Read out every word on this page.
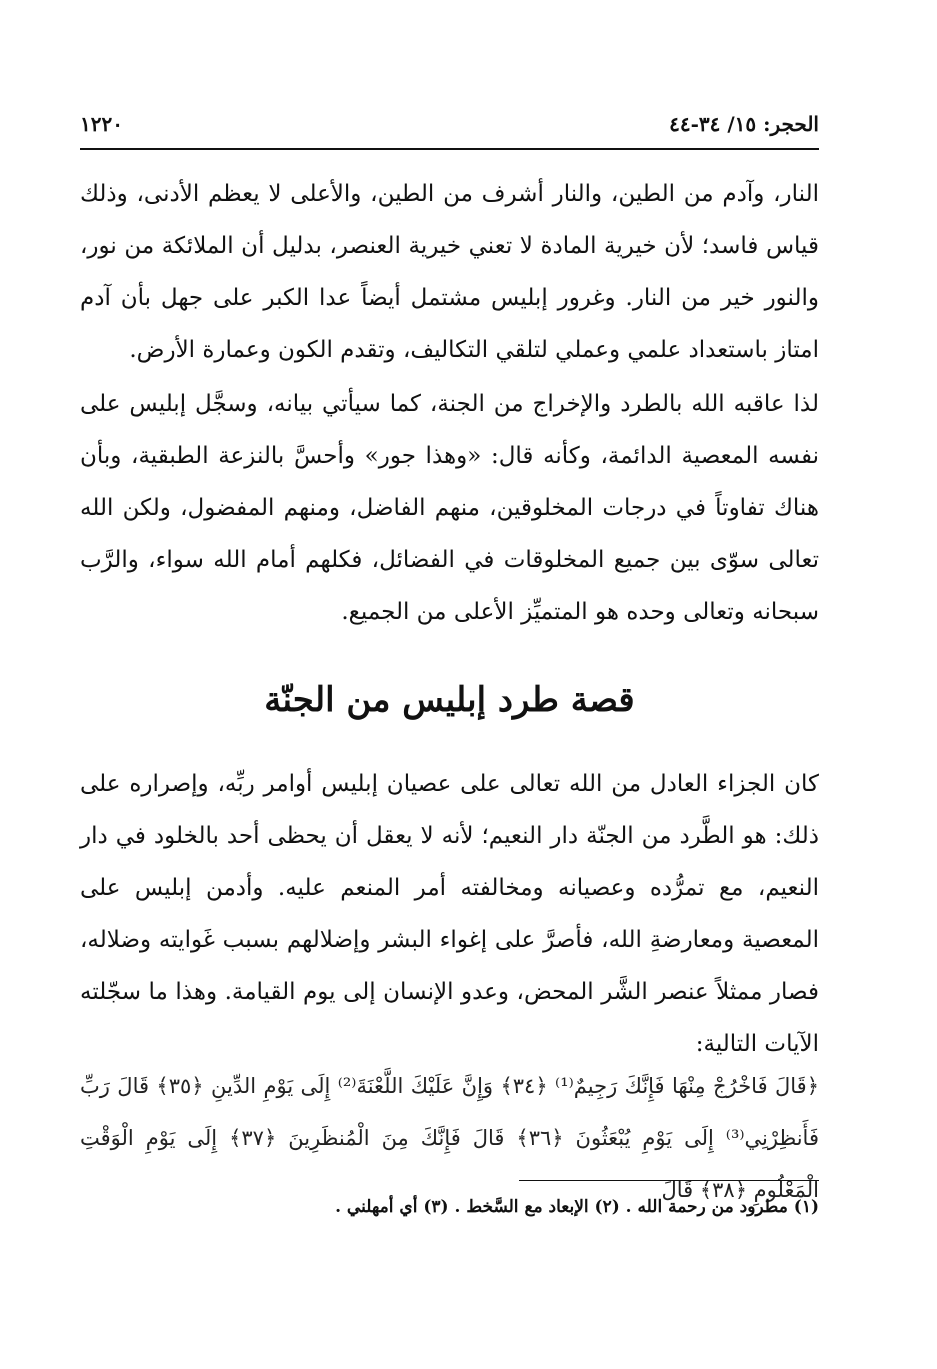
الحجر: ١٥/ ٣٤-٤٤
١٢٢٠

النار، وآدم من الطين، والنار أشرف من الطين، والأعلى لا يعظم الأدنى، وذلك قياس فاسد؛ لأن خيرية المادة لا تعني خيرية العنصر، بدليل أن الملائكة من نور، والنور خير من النار. وغرور إبليس مشتمل أيضاً عدا الكبر على جهل بأن آدم امتاز باستعداد علمي وعملي لتلقي التكاليف، وتقدم الكون وعمارة الأرض.

لذا عاقبه الله بالطرد والإخراج من الجنة، كما سيأتي بيانه، وسجَّل إبليس على نفسه المعصية الدائمة، وكأنه قال: «وهذا جور» وأحسَّ بالنزعة الطبقية، وبأن هناك تفاوتاً في درجات المخلوقين، منهم الفاضل، ومنهم المفضول، ولكن الله تعالى سوّى بين جميع المخلوقات في الفضائل، فكلهم أمام الله سواء، والرَّب سبحانه وتعالى وحده هو المتميِّز الأعلى من الجميع.

قصة طرد إبليس من الجنّة

كان الجزاء العادل من الله تعالى على عصيان إبليس أوامر ربِّه، وإصراره على ذلك: هو الطَّرد من الجنّة دار النعيم؛ لأنه لا يعقل أن يحظى أحد بالخلود في دار النعيم، مع تمرُّده وعصيانه ومخالفته أمر المنعم عليه. وأدمن إبليس على المعصية ومعارضةِ الله، فأصرَّ على إغواء البشر وإضلالهم بسبب غَوايته وضلاله، فصار ممثلاً عنصر الشَّر المحض، وعدو الإنسان إلى يوم القيامة. وهذا ما سجّلته الآيات التالية:

﴿قَالَ فَاخْرُجْ مِنْهَا فَإِنَّكَ رَجِيمٌ⁽¹⁾ ﴿٣٤﴾ وَإِنَّ عَلَيْكَ اللَّعْنَةَ⁽²⁾ إِلَى يَوْمِ الدِّينِ ﴿٣٥﴾ قَالَ رَبِّ فَأَنظِرْنِي⁽³⁾ إِلَى يَوْمِ يُبْعَثُونَ ﴿٣٦﴾ قَالَ فَإِنَّكَ مِنَ الْمُنظَرِينَ ﴿٣٧﴾ إِلَى يَوْمِ الْوَقْتِ الْمَعْلُومِ ﴿٣٨﴾ قَالَ

(١) مطرود من رحمة الله . (٢) الإبعاد مع السَّخط . (٣) أي أمهلني .
